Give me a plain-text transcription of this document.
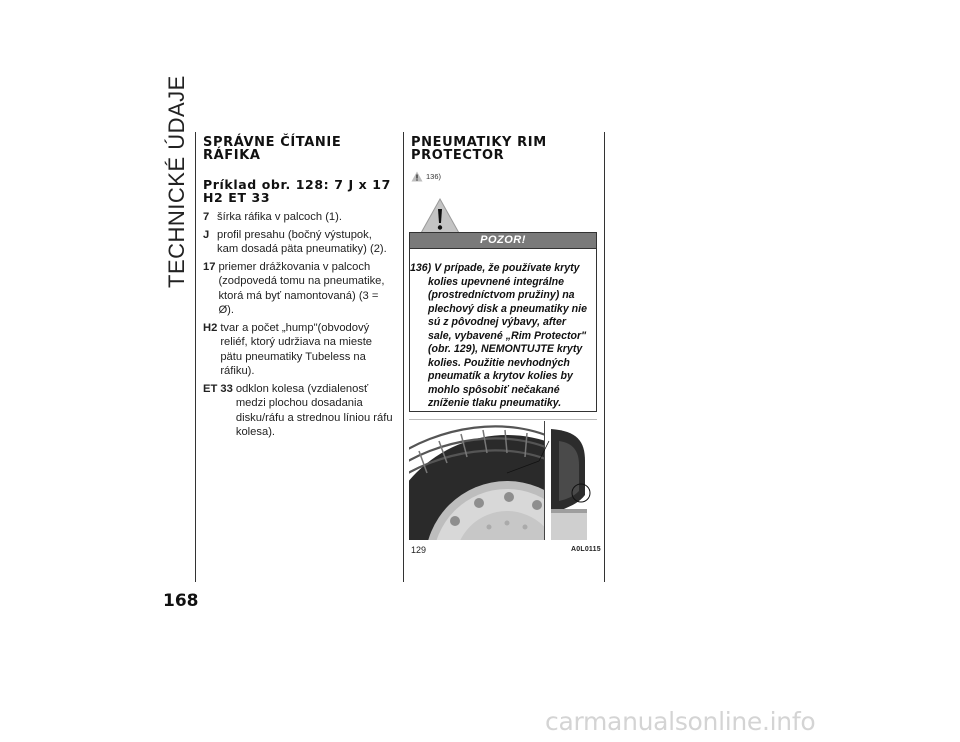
TECHNICKÉ ÚDAJE SPRÁVNE ČÍTANIE RÁFIKA
Príklad obr. 128: 7 J x 17 H2 ET 33
7 šírka ráfika v palcoch (1).
J profil presahu (bočný výstupok, kam dosadá päta pneumatiky) (2).
17 priemer drážkovania v palcoch (zodpovedá tomu na pneumatike, ktorá má byť namontovaná) (3 = Ø).
H2 tvar a počet „hump"(obvodový reliéf, ktorý udržiava na mieste pätu pneumatiky Tubeless na ráfiku).
ET 33 odklon kolesa (vzdialenosť medzi plochou dosadania disku/ráfu a strednou líniou ráfu kolesa).
PNEUMATIKY RIM PROTECTOR
136)
POZOR!

136) V prípade, že používate kryty kolies upevnené integrálne (prostredníctvom pružiny) na plechový disk a pneumatiky nie sú z pôvodnej výbavy, after sale, vybavené „Rim Protector" (obr. 129), NEMONTUJTE kryty kolies. Použitie nevhodných pneumatík a krytov kolies by mohlo spôsobiť nečakané zníženie tlaku pneumatiky.

129	A0L0115
168
carmanualsonline.info
